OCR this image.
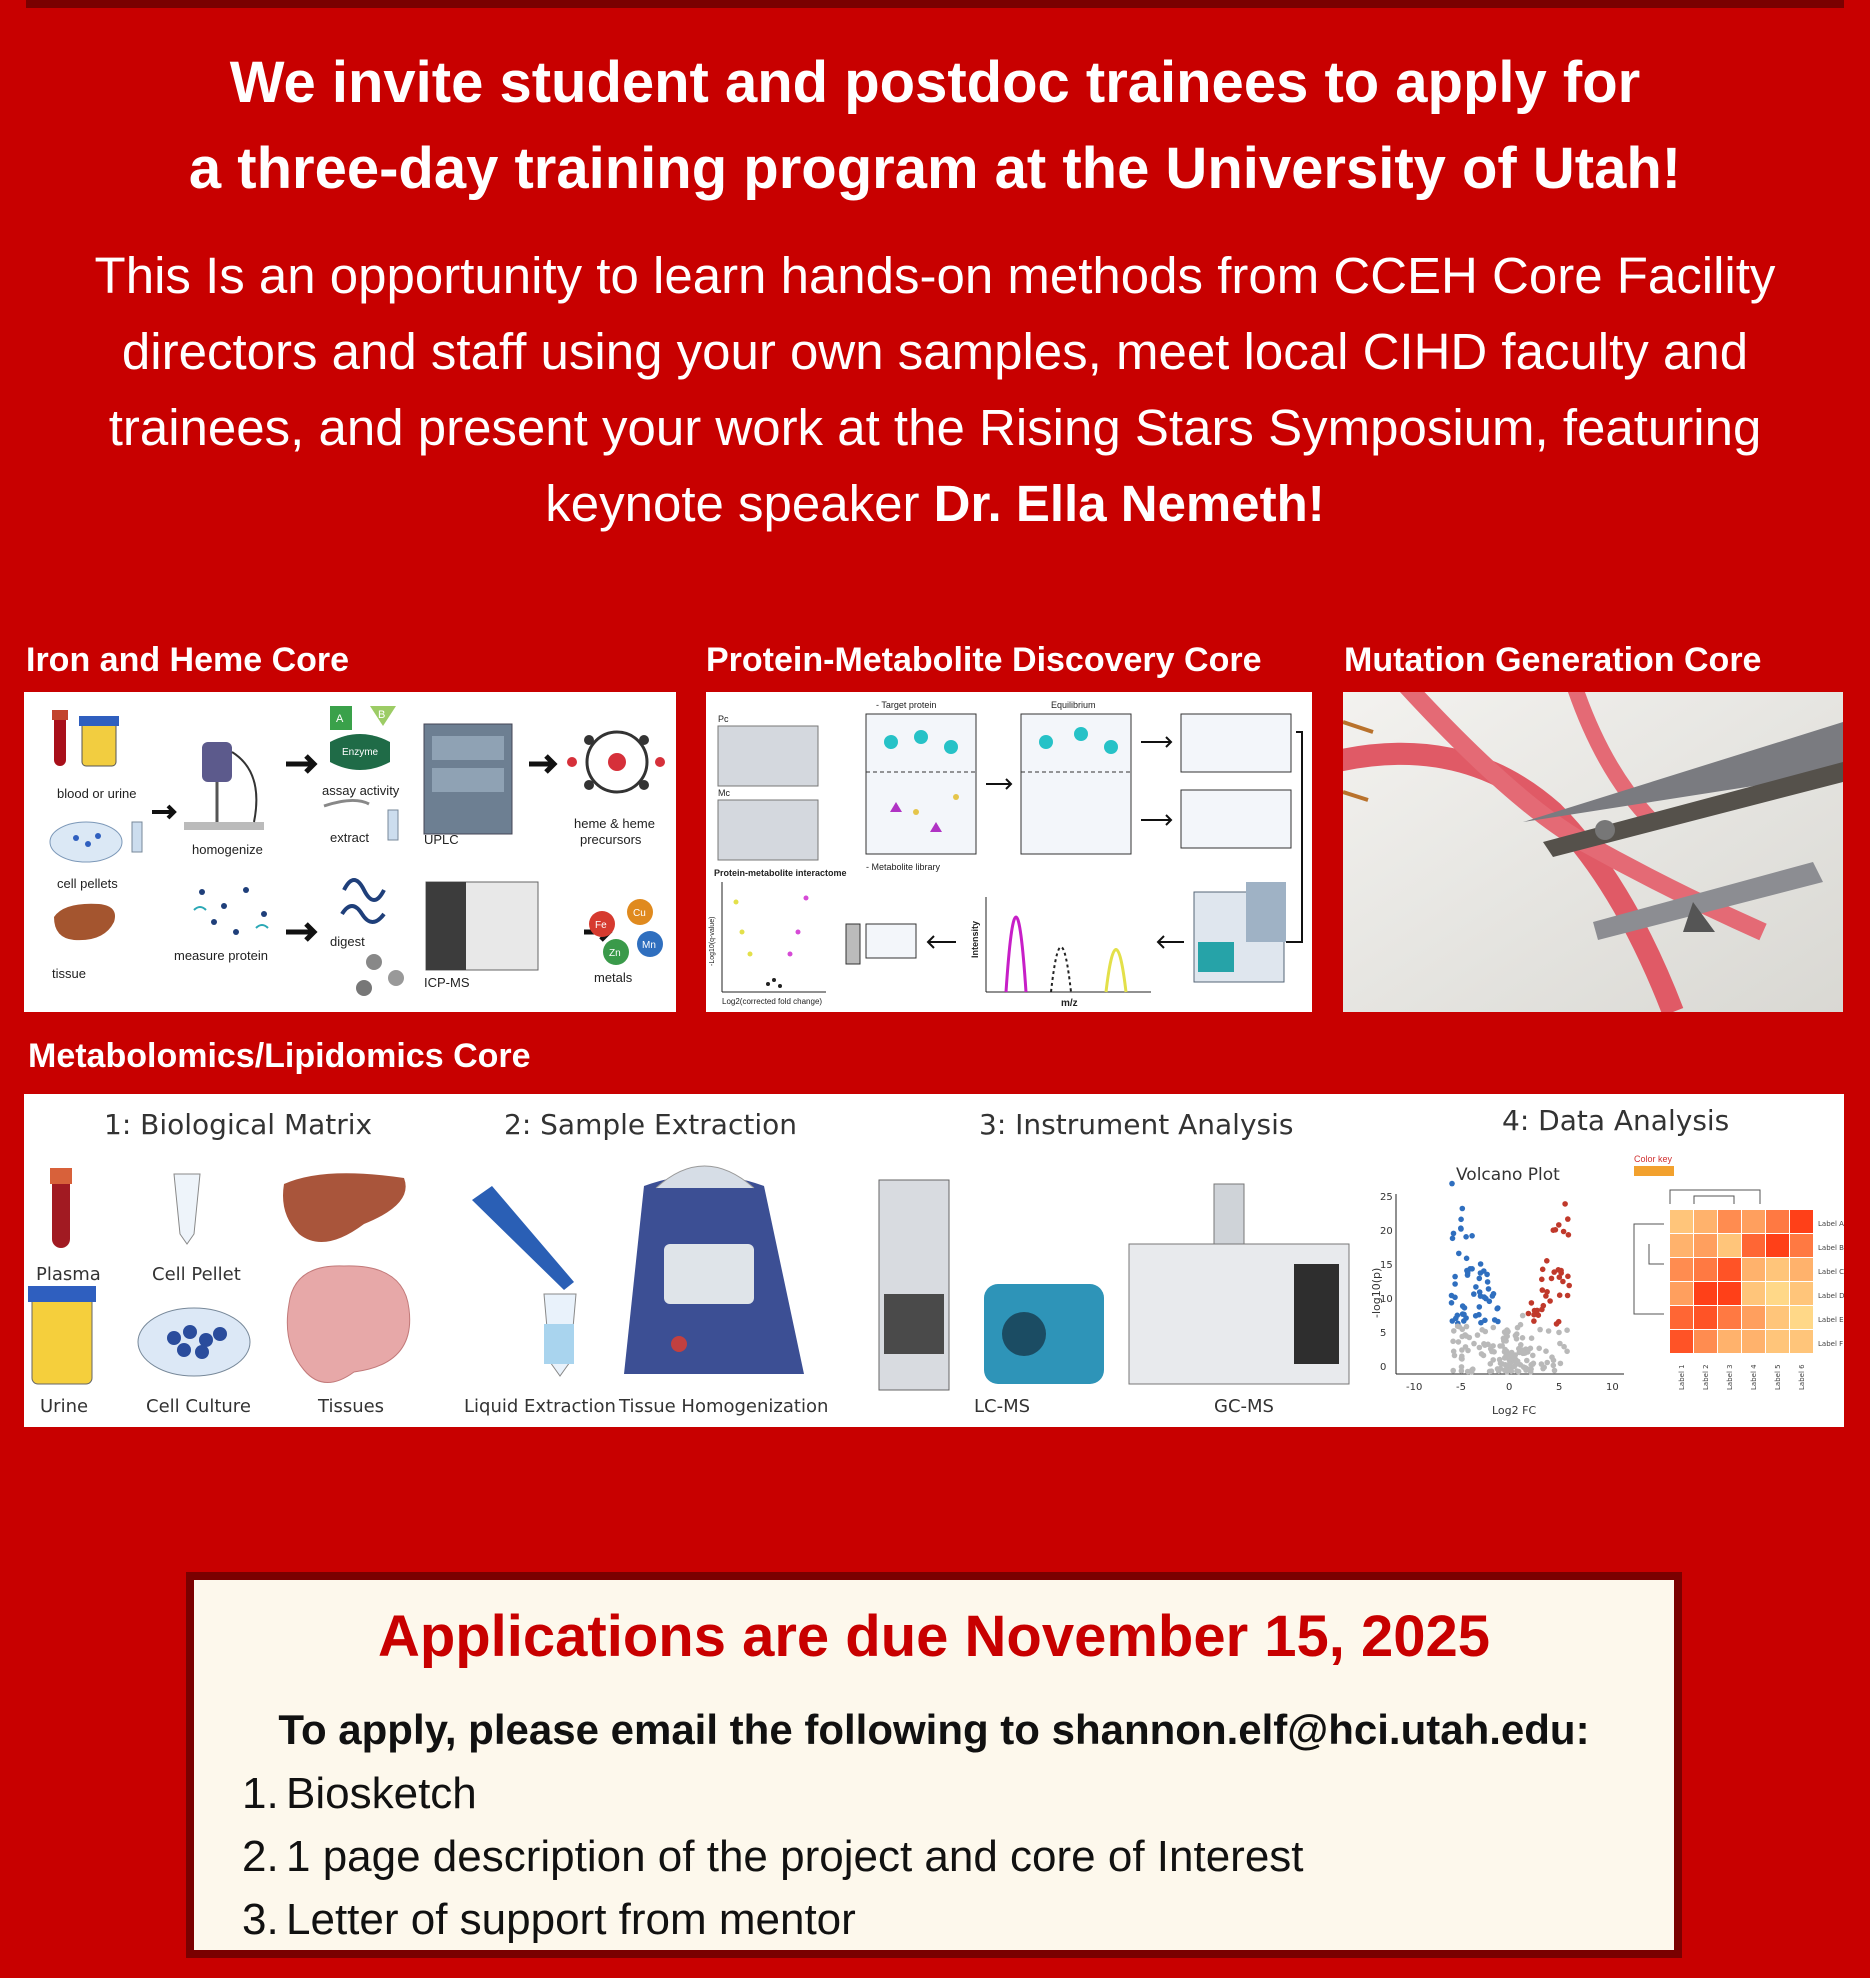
We invite student and postdoc trainees to apply for
a three-day training program at the University of Utah!

This Is an opportunity to learn hands-on methods from CCEH Core Facility directors and staff using your own samples, meet local CIHD faculty and trainees, and present your work at the Rising Stars Symposium, featuring keynote speaker Dr. Ella Nemeth!

Iron and Heme Core	Protein-Metabolite Discovery Core Mutation Generation Core
Metabolomics/Lipidomics Core
blood or urine
cell pellets
tissue
homogenize
A	B
Enzyme
assay activity
extract	UPLC
heme & heme
precursors
measure protein
digest
ICP-MS
Fe
Cu
Zn
Mn
metals
Pc
Mc
- Target protein	Equilibrium
- Metabolite library
Protein-metabolite interactome
Log2(corrected fold change)
-Log10(q-value)	Intensity
m/z
1: Biological Matrix	2: Sample Extraction	3: Instrument Analysis	4: Data Analysis
Plasma	Cell Pellet
Urine	Cell Culture	Tissues	Liquid Extraction Tissue Homogenization	LC-MS	GC-MS
Volcano Plot
-10	-5	0	5	10
0
5
10
15
20
25
Log2 FC
-log10(p)
Color key
Label A
Label B
Label C
Label D
Label E
Label F
Label 1 Label 2 Label 3 Label 4 Label 5 Label 6
Applications are due November 15, 2025
To apply, please email the following to shannon.elf@hci.utah.edu:
1. Biosketch
2. 1 page description of the project and core of Interest
3. Letter of support from mentor
